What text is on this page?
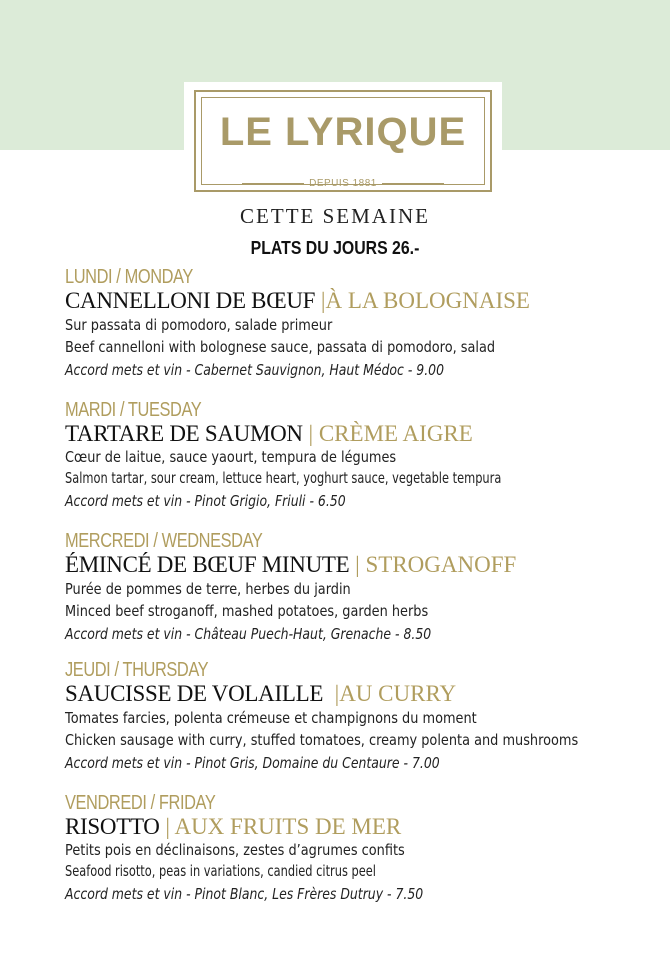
LE LYRIQUE
DEPUIS 1881
CETTE SEMAINE
PLATS DU JOURS 26.-
LUNDI / MONDAY
CANNELLONI DE BŒUF |À LA BOLOGNAISE
Sur passata di pomodoro, salade primeur
Beef cannelloni with bolognese sauce, passata di pomodoro, salad
Accord mets et vin - Cabernet Sauvignon, Haut Médoc - 9.00
MARDI / TUESDAY
TARTARE DE SAUMON | CRÈME AIGRE
Cœur de laitue, sauce yaourt, tempura de légumes
Salmon tartar, sour cream, lettuce heart, yoghurt sauce, vegetable tempura
Accord mets et vin - Pinot Grigio, Friuli - 6.50
MERCREDI / WEDNESDAY
ÉMINCÉ DE BŒUF MINUTE | STROGANOFF
Purée de pommes de terre, herbes du jardin
Minced beef stroganoff, mashed potatoes, garden herbs
Accord mets et vin - Château Puech-Haut, Grenache - 8.50
JEUDI / THURSDAY
SAUCISSE DE VOLAILLE |AU CURRY
Tomates farcies, polenta crémeuse et champignons du moment
Chicken sausage with curry, stuffed tomatoes, creamy polenta and mushrooms
Accord mets et vin - Pinot Gris, Domaine du Centaure - 7.00
VENDREDI / FRIDAY
RISOTTO | AUX FRUITS DE MER
Petits pois en déclinaisons, zestes d’agrumes confits
Seafood risotto, peas in variations, candied citrus peel
Accord mets et vin - Pinot Blanc, Les Frères Dutruy - 7.50
